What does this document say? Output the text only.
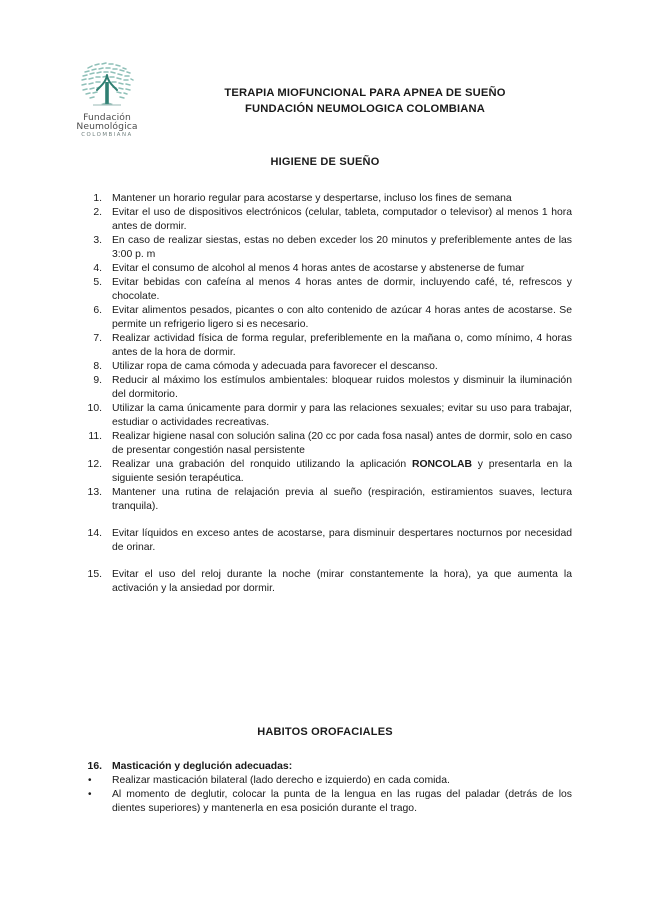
Fundación
Neumológica
COLOMBIANA
TERAPIA MIOFUNCIONAL PARA APNEA DE SUEÑO
FUNDACIÓN NEUMOLOGICA COLOMBIANA
HIGIENE DE SUEÑO
1. Mantener un horario regular para acostarse y despertarse, incluso los fines de semana
2. Evitar el uso de dispositivos electrónicos (celular, tableta, computador o televisor) al menos 1 hora antes de dormir.
3. En caso de realizar siestas, estas no deben exceder los 20 minutos y preferiblemente antes de las 3:00 p. m
4. Evitar el consumo de alcohol al menos 4 horas antes de acostarse y abstenerse de fumar
5. Evitar bebidas con cafeína al menos 4 horas antes de dormir, incluyendo café, té, refrescos y chocolate.
6. Evitar alimentos pesados, picantes o con alto contenido de azúcar 4 horas antes de acostarse. Se permite un refrigerio ligero si es necesario.
7. Realizar actividad física de forma regular, preferiblemente en la mañana o, como mínimo, 4 horas antes de la hora de dormir.
8. Utilizar ropa de cama cómoda y adecuada para favorecer el descanso.
9. Reducir al máximo los estímulos ambientales: bloquear ruidos molestos y disminuir la iluminación del dormitorio.
10. Utilizar la cama únicamente para dormir y para las relaciones sexuales; evitar su uso para trabajar, estudiar o actividades recreativas.
11. Realizar higiene nasal con solución salina (20 cc por cada fosa nasal) antes de dormir, solo en caso de presentar congestión nasal persistente
12. Realizar una grabación del ronquido utilizando la aplicación RONCOLAB y presentarla en la siguiente sesión terapéutica.
13. Mantener una rutina de relajación previa al sueño (respiración, estiramientos suaves, lectura tranquila).
14. Evitar líquidos en exceso antes de acostarse, para disminuir despertares nocturnos por necesidad de orinar.
15. Evitar el uso del reloj durante la noche (mirar constantemente la hora), ya que aumenta la activación y la ansiedad por dormir.
HABITOS OROFACIALES
16. Masticación y deglución adecuadas:
• Realizar masticación bilateral (lado derecho e izquierdo) en cada comida.
• Al momento de deglutir, colocar la punta de la lengua en las rugas del paladar (detrás de los dientes superiores) y mantenerla en esa posición durante el trago.
